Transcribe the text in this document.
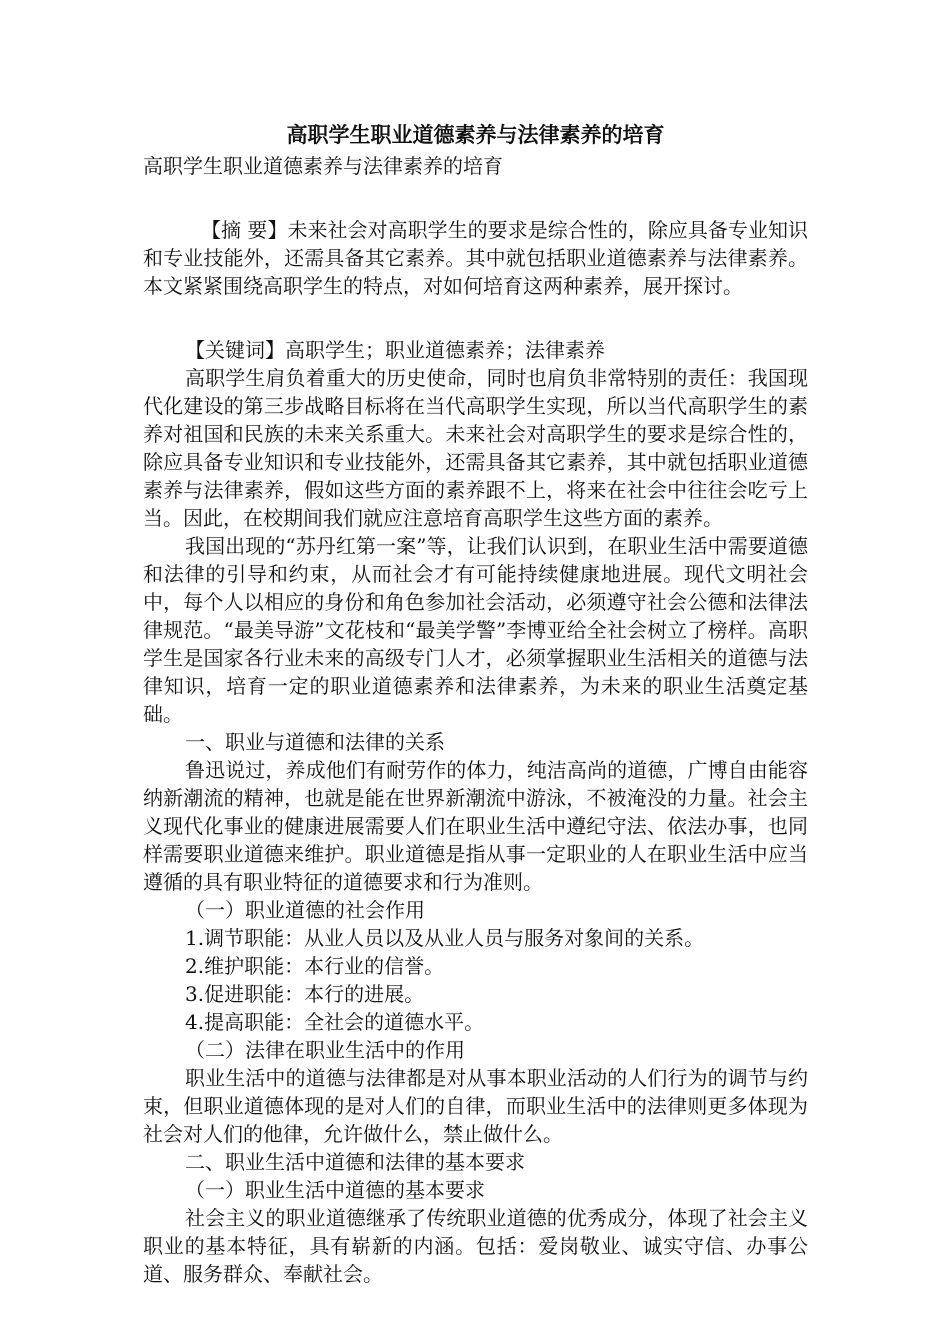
高职学生职业道德素养与法律素养的培育

高职学生职业道德素养与法律素养的培育

【摘 要】未来社会对高职学生的要求是综合性的，除应具备专业知识和专业技能外，还需具备其它素养。其中就包括职业道德素养与法律素养。本文紧紧围绕高职学生的特点，对如何培育这两种素养，展开探讨。

【关键词】高职学生；职业道德素养；法律素养

高职学生肩负着重大的历史使命，同时也肩负非常特别的责任：我国现代化建设的第三步战略目标将在当代高职学生实现，所以当代高职学生的素养对祖国和民族的未来关系重大。未来社会对高职学生的要求是综合性的，除应具备专业知识和专业技能外，还需具备其它素养，其中就包括职业道德素养与法律素养，假如这些方面的素养跟不上，将来在社会中往往会吃亏上当。因此，在校期间我们就应注意培育高职学生这些方面的素养。

我国出现的“苏丹红第一案”等，让我们认识到，在职业生活中需要道德和法律的引导和约束，从而社会才有可能持续健康地进展。现代文明社会中，每个人以相应的身份和角色参加社会活动，必须遵守社会公德和法律法律规范。“最美导游”文花枝和“最美学警”李博亚给全社会树立了榜样。高职学生是国家各行业未来的高级专门人才，必须掌握职业生活相关的道德与法律知识，培育一定的职业道德素养和法律素养，为未来的职业生活奠定基础。

一、职业与道德和法律的关系

鲁迅说过，养成他们有耐劳作的体力，纯洁高尚的道德，广博自由能容纳新潮流的精神，也就是能在世界新潮流中游泳，不被淹没的力量。社会主义现代化事业的健康进展需要人们在职业生活中遵纪守法、依法办事，也同样需要职业道德来维护。职业道德是指从事一定职业的人在职业生活中应当遵循的具有职业特征的道德要求和行为准则。

（一）职业道德的社会作用

1.调节职能：从业人员以及从业人员与服务对象间的关系。

2.维护职能：本行业的信誉。

3.促进职能：本行的进展。

4.提高职能：全社会的道德水平。

（二）法律在职业生活中的作用

职业生活中的道德与法律都是对从事本职业活动的人们行为的调节与约束，但职业道德体现的是对人们的自律，而职业生活中的法律则更多体现为社会对人们的他律，允许做什么，禁止做什么。

二、职业生活中道德和法律的基本要求

（一）职业生活中道德的基本要求

社会主义的职业道德继承了传统职业道德的优秀成分，体现了社会主义职业的基本特征，具有崭新的内涵。包括：爱岗敬业、诚实守信、办事公道、服务群众、奉献社会。
